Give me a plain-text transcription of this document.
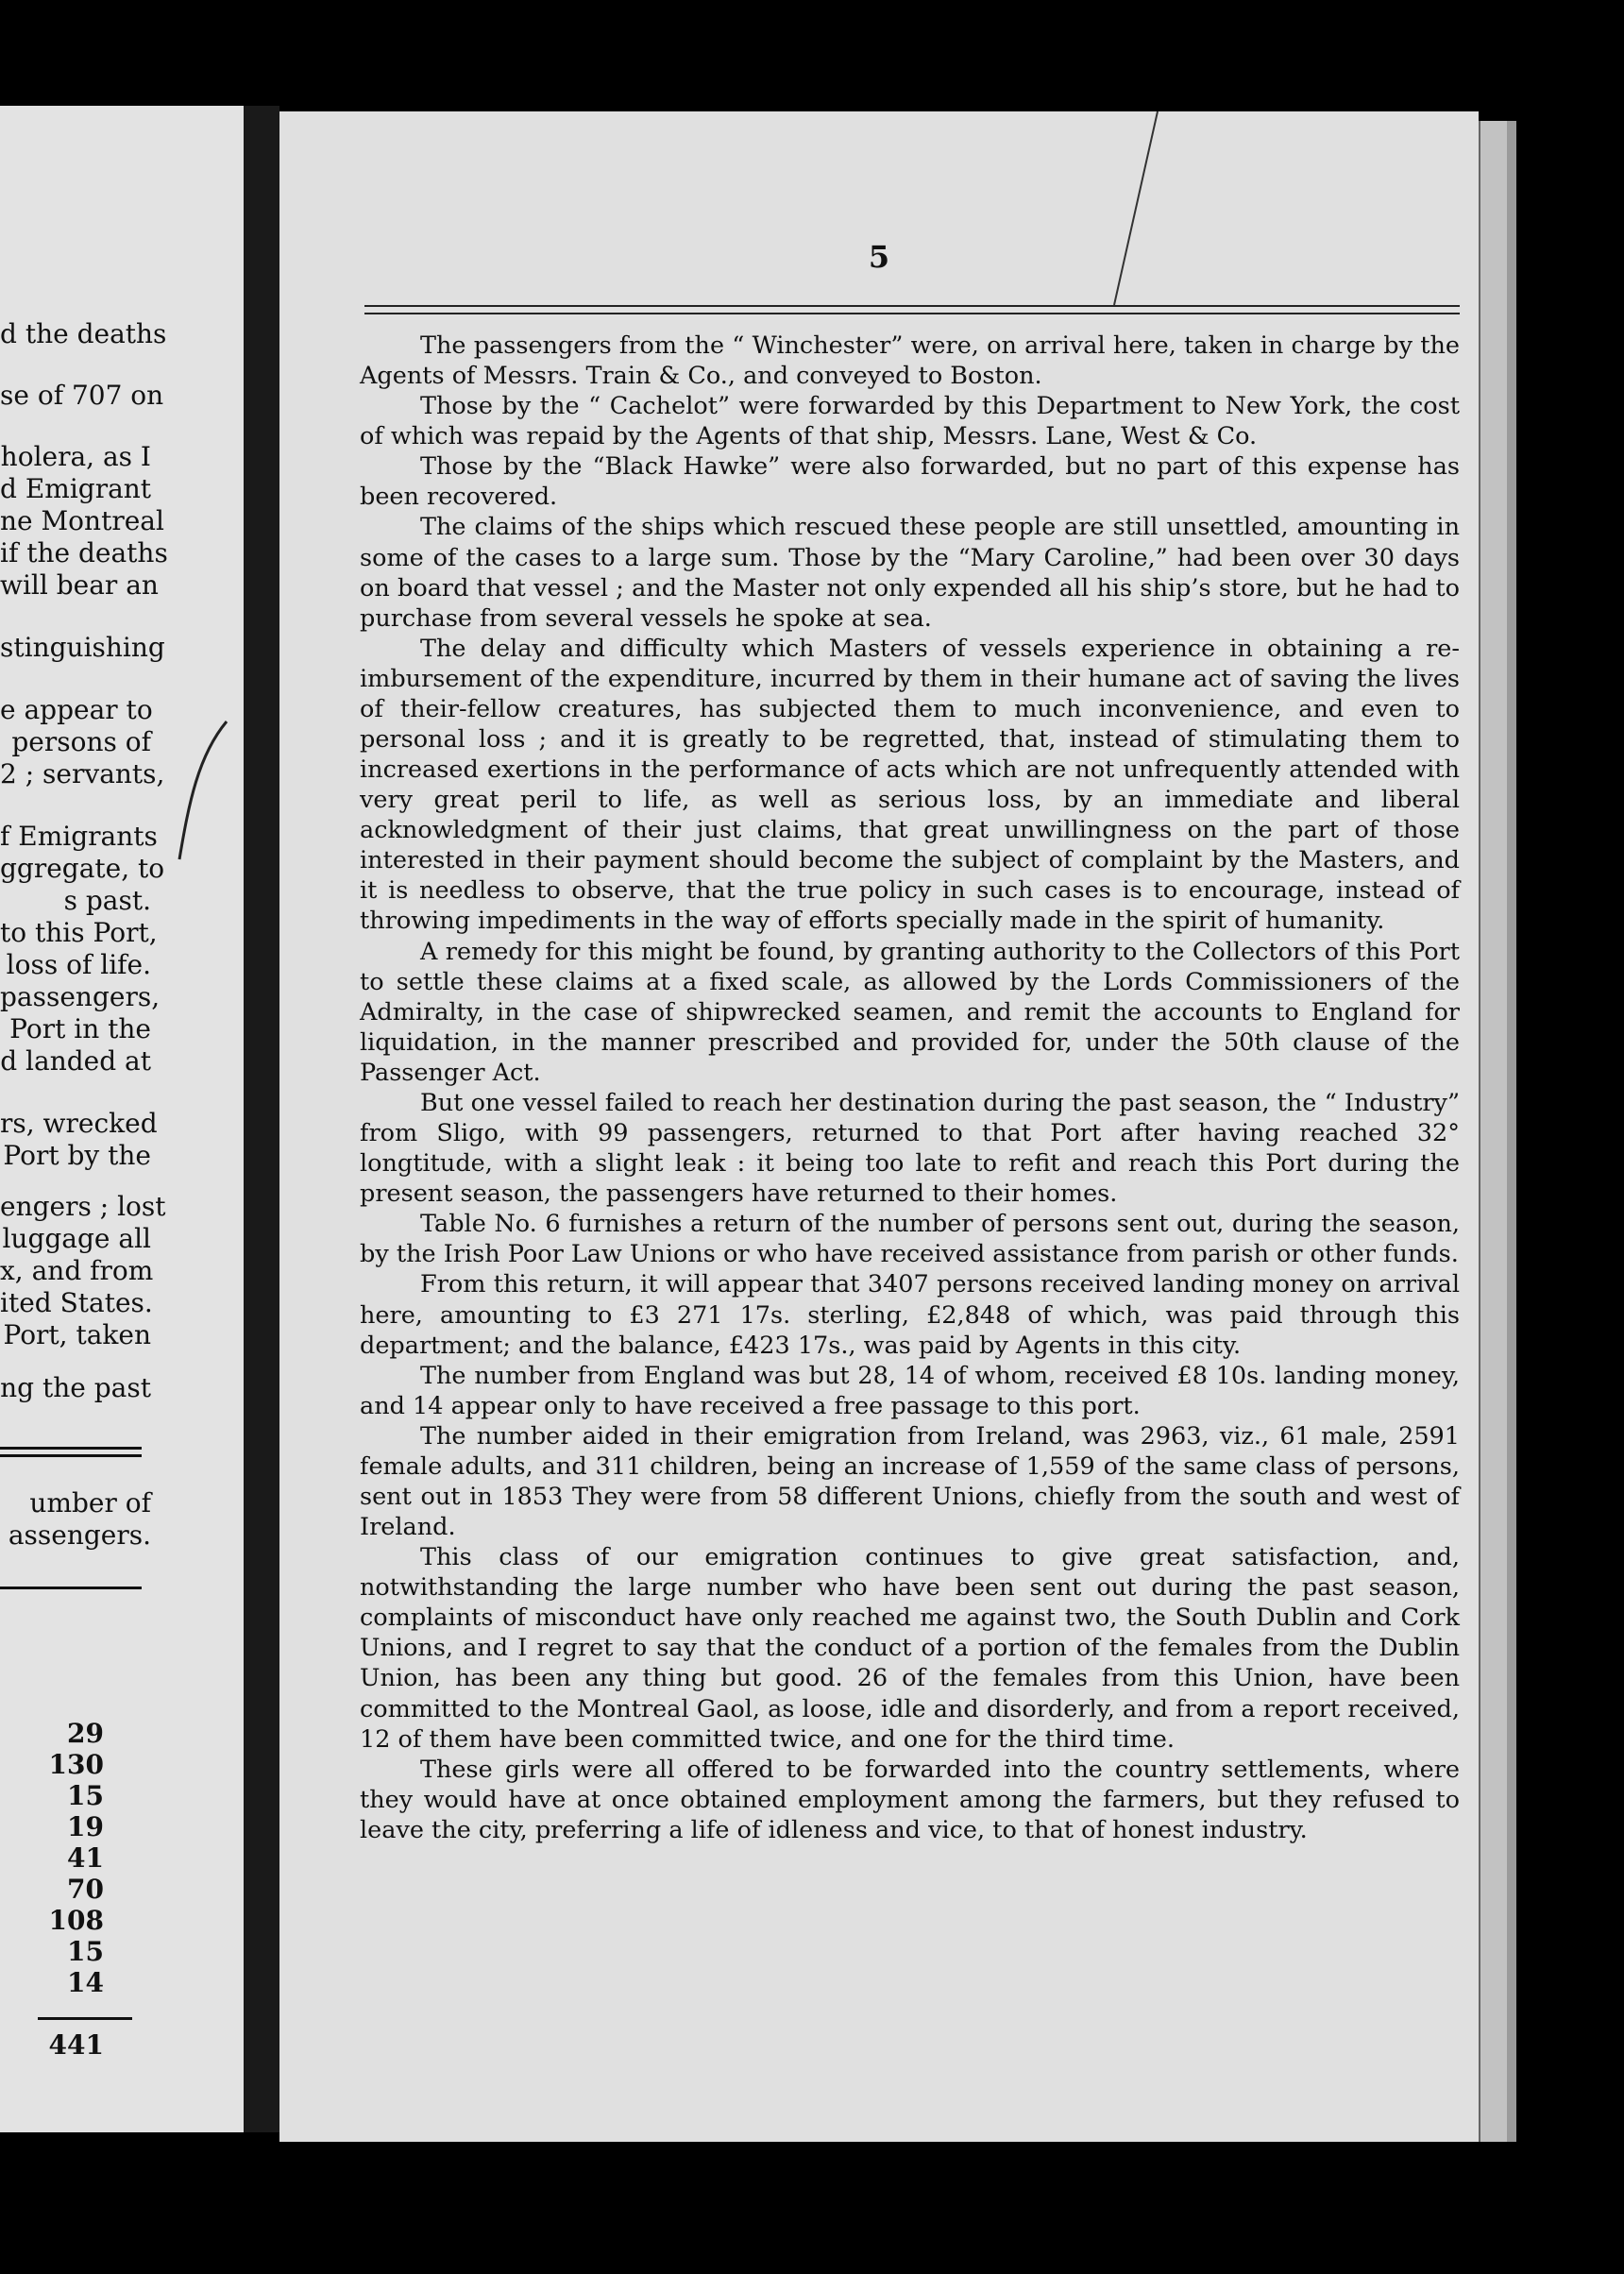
d the deaths
se of 707 on
holera, as I
d Emigrant
ne Montreal
if the deaths
will bear an
stinguishing
e appear to
persons of
2 ; servants,
f Emigrants
ggregate, to
s past.
to this Port,
loss of life.
passengers,
Port in the
d landed at
rs, wrecked
Port by the
engers ; lost
luggage all
x, and from
ited States.
Port, taken
ng the past
umber of
assengers.
29
130
15
19
41
70
108
15
14
441
5

The passengers from the “ Winchester” were, on arrival here, taken in charge by the Agents of Messrs. Train & Co., and conveyed to Boston.

Those by the “ Cachelot” were forwarded by this Department to New York, the cost of which was repaid by the Agents of that ship, Messrs. Lane, West & Co.

Those by the “Black Hawke” were also forwarded, but no part of this expense has been recovered.

The claims of the ships which rescued these people are still unsettled, amounting in some of the cases to a large sum. Those by the “Mary Caroline,” had been over 30 days on board that vessel ; and the Master not only expended all his ship’s store, but he had to purchase from several vessels he spoke at sea.

The delay and difficulty which Masters of vessels experience in obtaining a re-imbursement of the expenditure, incurred by them in their humane act of saving the lives of their-fellow creatures, has subjected them to much inconvenience, and even to personal loss ; and it is greatly to be regretted, that, instead of stimulating them to increased exertions in the performance of acts which are not unfrequently attended with very great peril to life, as well as serious loss, by an immediate and liberal acknowledgment of their just claims, that great unwillingness on the part of those interested in their payment should become the subject of complaint by the Masters, and it is needless to observe, that the true policy in such cases is to encourage, instead of throwing impediments in the way of efforts specially made in the spirit of humanity.

A remedy for this might be found, by granting authority to the Collectors of this Port to settle these claims at a fixed scale, as allowed by the Lords Commissioners of the Admiralty, in the case of shipwrecked seamen, and remit the accounts to England for liquidation, in the manner prescribed and provided for, under the 50th clause of the Passenger Act.

But one vessel failed to reach her destination during the past season, the “ Industry” from Sligo, with 99 passengers, returned to that Port after having reached 32° longtitude, with a slight leak : it being too late to refit and reach this Port during the present season, the passengers have returned to their homes.

Table No. 6 furnishes a return of the number of persons sent out, during the season, by the Irish Poor Law Unions or who have received assistance from parish or other funds.

From this return, it will appear that 3407 persons received landing money on arrival here, amounting to £3 271 17s. sterling, £2,848 of which, was paid through this department; and the balance, £423 17s., was paid by Agents in this city.

The number from England was but 28, 14 of whom, received £8 10s. landing money, and 14 appear only to have received a free passage to this port.

The number aided in their emigration from Ireland, was 2963, viz., 61 male, 2591 female adults, and 311 children, being an increase of 1,559 of the same class of persons, sent out in 1853 They were from 58 different Unions, chiefly from the south and west of Ireland.

This class of our emigration continues to give great satisfaction, and, notwithstanding the large number who have been sent out during the past season, complaints of misconduct have only reached me against two, the South Dublin and Cork Unions, and I regret to say that the conduct of a portion of the females from the Dublin Union, has been any thing but good. 26 of the females from this Union, have been committed to the Montreal Gaol, as loose, idle and disorderly, and from a report received, 12 of them have been committed twice, and one for the third time.

These girls were all offered to be forwarded into the country settlements, where they would have at once obtained employment among the farmers, but they refused to leave the city, preferring a life of idleness and vice, to that of honest industry.
